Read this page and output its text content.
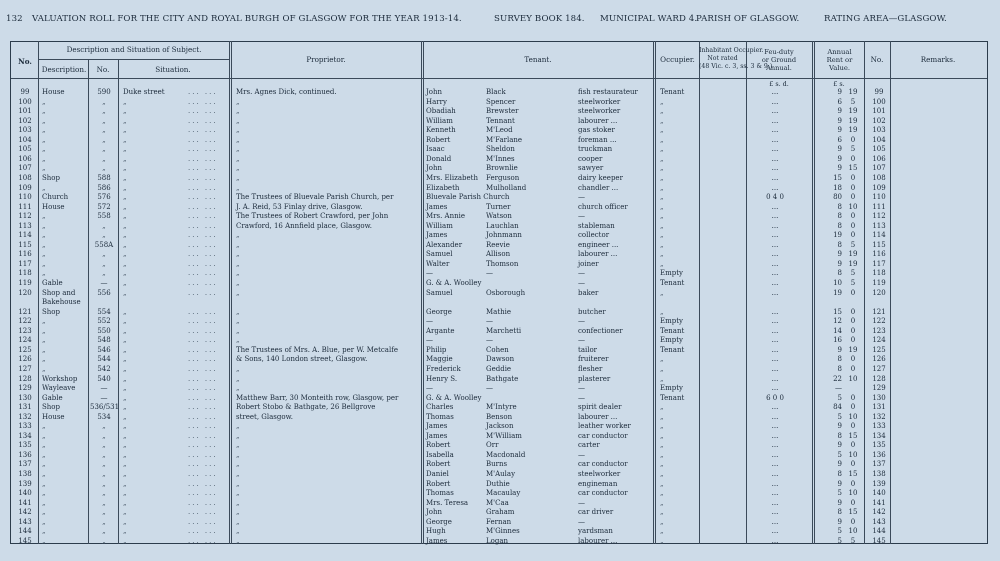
132 VALUATION ROLL FOR THE CITY AND ROYAL BURGH OF GLASGOW FOR THE YEAR 1913-14.	SURVEY BOOK 184. MUNICIPAL WARD 4.
PARISH OF GLASGOW.	RATING AREA—GLASGOW.
No.
Description and Situation of Subject.
Description.	No.	Situation.
Proprietor.	Tenant.	Occupier.
Inhabitant Occupier.
Not rated
(48 Vic. c. 3, ss. 3 & 9.)
Feu-duty
or Ground
Annual.
Annual
Rent or
Value.
No.	Remarks.
£ s. d.	£ s.
99	House	590	Duke street	Mrs. Agnes Dick, continued.	John	Black	fish restaurateur	Tenant	...	9 19	99
... ...
100	„	„	„	„	Harry	Spencer	steelworker	„	...	6	5	100
... ...
101	„	„	„	„	Obadiah	Brewster	steelworker	„	...	9 19	101
... ...
102	„	„	„	„	William	Tennant	labourer ...	„	...	9 19	102
... ...
103	„	„	„	„	Kenneth	M'Leod	gas stoker	„	...	9 19	103
... ...
104	„	„	„	„	Robert	M'Farlane	foreman ...	„	...	6	0	104
... ...
105	„	„	„	„	Isaac	Sheldon	truckman	„	...	9	5	105
... ...
106	„	„	„	„	Donald	M'Innes	cooper	„	...	9	0	106
... ...
107	„	„	„	„	John	Brownlie	sawyer	„	...	9 15	107
... ...
108	Shop	588	„	„	Mrs. Elizabeth Ferguson	dairy keeper	„	...	15	0	108
... ...
109	„	586	„	„	Elizabeth	Mulholland	chandler ...	„	...	18	0	109
... ...
110	Church	576	„	The Trustees of Bluevale Parish Church, per	Bluevale Parish Church	—	„	0 4 0	80	0	110
... ...
111	House	572	„	J. A. Reid, 53 Finlay drive, Glasgow.	James	Turner	church officer	„	...	8 10	111
... ...
112	„	558	„	The Trustees of Robert Crawford, per John	Mrs. Annie	Watson	—	„	...	8	0	112
... ...
113	„	„	„	Crawford, 16 Annfield place, Glasgow.	William	Lauchlan	stableman	„	...	8	0	113
... ...
114	„	„	„	„	James	Johnmann	collector	„	...	19	0	114
... ...
115	„	558A	„	„	Alexander	Reevie	engineer ...	„	...	8	5	115
... ...
116	„	„	„	„	Samuel	Allison	labourer ...	„	...	9 19	116
... ...
117	„	„	„	„	Walter	Thomson	joiner	„	...	9 19	117
... ...
118	„	„	„	„	—	—	—	Empty	...	8	5	118
... ...
119	Gable	—	„	„	G. & A. Woolley	—	Tenant	...	10	5	119
... ...
120	Shop and	556	„	„	Samuel	Osborough	baker	„	...	19	0	120
... ...
Bakehouse
121	Shop	554	„	„	George	Mathie	butcher	„	...	15	0	121
... ...
122	„	552	„	„	—	—	—	Empty	...	12	0	122
... ...
123	„	550	„	„	Argante	Marchetti	confectioner	Tenant	...	14	0	123
... ...
124	„	548	„	„	—	—	—	Empty	...	16	0	124
... ...
125	„	546	„	The Trustees of Mrs. A. Blue, per W. Metcalfe	Philip	Cohen	tailor	Tenant	...	9 19	125
... ...
126	„	544	„	& Sons, 140 London street, Glasgow.	Maggie	Dawson	fruiterer	„	...	8	0	126
... ...
127	„	542	„	„	Frederick	Geddie	flesher	„	...	8	0	127
... ...
128	Workshop	540	„	„	Henry S.	Bathgate	plasterer	„	...	22 10	128
... ...
129	Wayleave	—	„	„	—	—	—	Empty	...	—	129
... ...
130	Gable	—	„	Matthew Barr, 30 Monteith row, Glasgow, per	G. & A. Woolley	—	Tenant	6 0 0	5	0	130
... ...
131	Shop	536/531 „	Robert Stobo & Bathgate, 26 Bellgrove	Charles	M'Intyre	spirit dealer	„	...	84	0	131
... ...
132	House	534	„	street, Glasgow.	Thomas	Benson	labourer ...	„	...	5 10	132
... ...
133	„	„	„	„	James	Jackson	leather worker	„	...	9	0	133
... ...
134	„	„	„	„	James	M'William	car conductor	„	...	8 15	134
... ...
135	„	„	„	„	Robert	Orr	carter	„	...	9	0	135
... ...
136	„	„	„	„	Isabella	Macdonald	—	„	...	5 10	136
... ...
137	„	„	„	„	Robert	Burns	car conductor	„	...	9	0	137
... ...
138	„	„	„	„	Daniel	M'Aulay	steelworker	„	...	8 15	138
... ...
139	„	„	„	„	Robert	Duthie	engineman	„	...	9	0	139
... ...
140	„	„	„	„	Thomas	Macaulay	car conductor	„	...	5 10	140
... ...
141	„	„	„	„	Mrs. Teresa	M'Caa	—	„	...	9	0	141
... ...
142	„	„	„	„	John	Graham	car driver	„	...	8 15	142
... ...
143	„	„	„	„	George	Fernan	—	„	...	9	0	143
... ...
144	„	„	„	„	Hugh	M'Ginnes	yardsman	„	...	5 10	144
... ...
145	„	„	„	„	James	Logan	labourer ...	„	...	5	5	145
... ...
